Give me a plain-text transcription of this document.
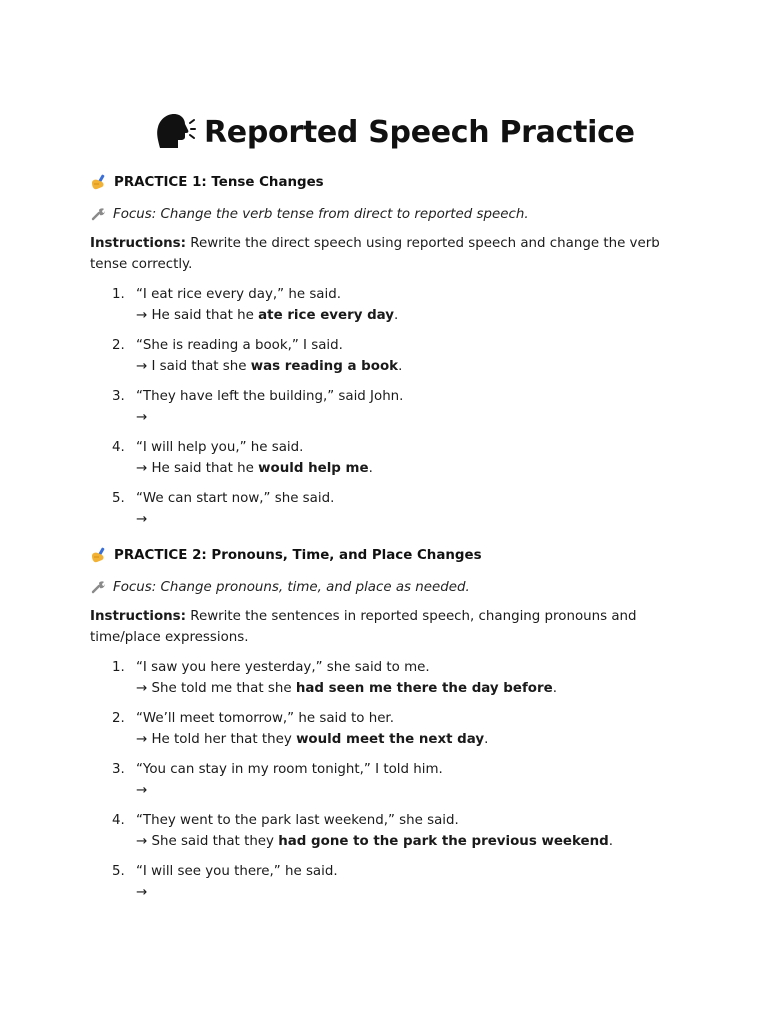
Reported Speech Practice
PRACTICE 1: Tense Changes
Focus: Change the verb tense from direct to reported speech.
Instructions: Rewrite the direct speech using reported speech and change the verb tense correctly.
1. “I eat rice every day,” he said.
→ He said that he ate rice every day.
2. “She is reading a book,” I said.
→ I said that she was reading a book.
3. “They have left the building,” said John.
→
4. “I will help you,” he said.
→ He said that he would help me.
5. “We can start now,” she said.
→
PRACTICE 2: Pronouns, Time, and Place Changes
Focus: Change pronouns, time, and place as needed.
Instructions: Rewrite the sentences in reported speech, changing pronouns and time/place expressions.
1. “I saw you here yesterday,” she said to me.
→ She told me that she had seen me there the day before.
2. “We’ll meet tomorrow,” he said to her.
→ He told her that they would meet the next day.
3. “You can stay in my room tonight,” I told him.
→
4. “They went to the park last weekend,” she said.
→ She said that they had gone to the park the previous weekend.
5. “I will see you there,” he said.
→
